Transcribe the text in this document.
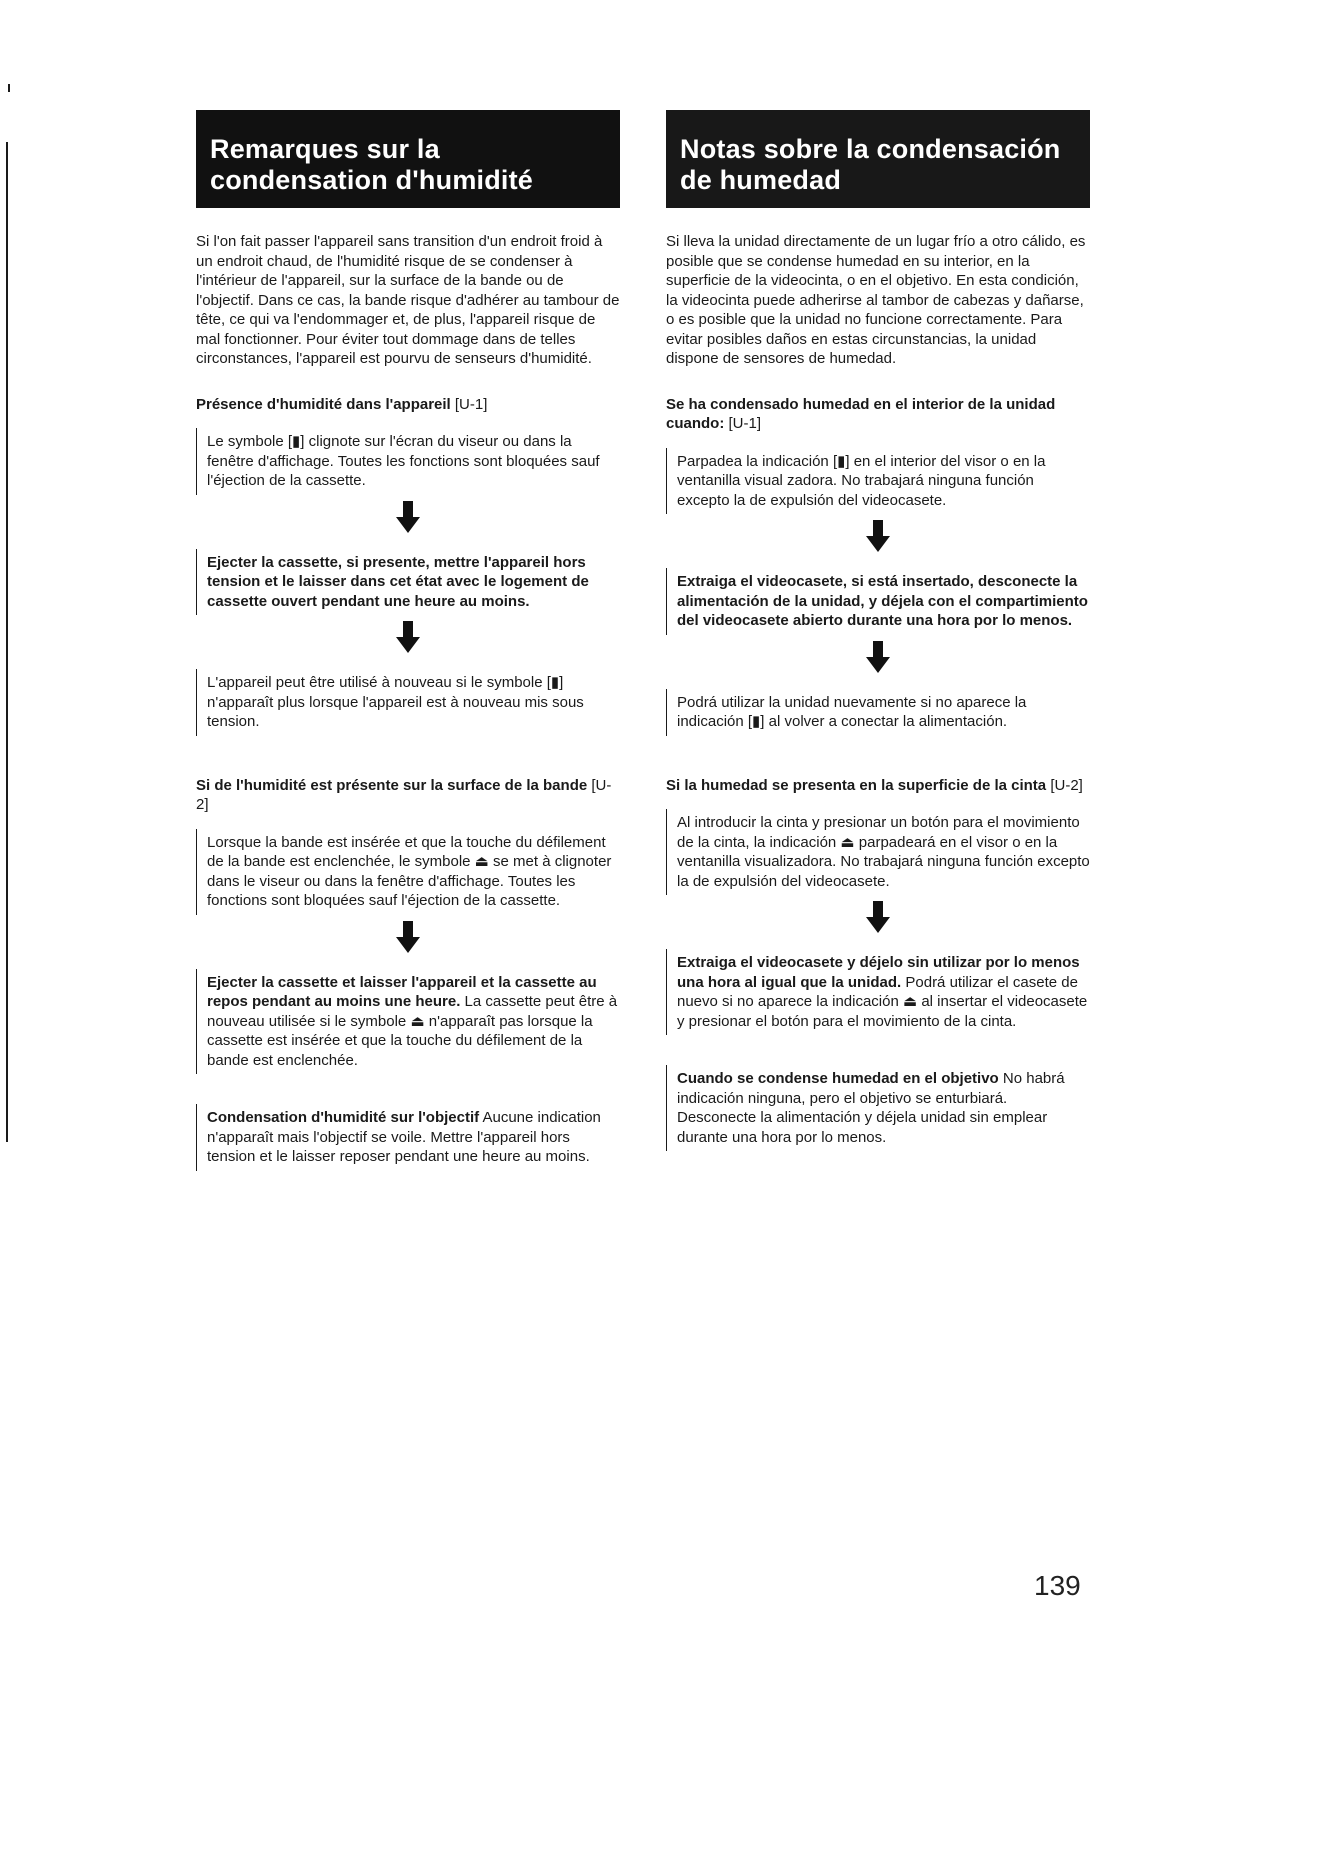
Remarques sur la condensation d'humidité
Si l'on fait passer l'appareil sans transition d'un endroit froid à un endroit chaud, de l'humidité risque de se condenser à l'intérieur de l'appareil, sur la surface de la bande ou de l'objectif. Dans ce cas, la bande risque d'adhérer au tambour de tête, ce qui va l'endommager et, de plus, l'appareil risque de mal fonctionner. Pour éviter tout dommage dans de telles circonstances, l'appareil est pourvu de senseurs d'humidité.
Présence d'humidité dans l'appareil [U-1]
Le symbole [▮] clignote sur l'écran du viseur ou dans la fenêtre d'affichage. Toutes les fonctions sont bloquées sauf l'éjection de la cassette.
Ejecter la cassette, si presente, mettre l'appareil hors tension et le laisser dans cet état avec le logement de cassette ouvert pendant une heure au moins.
L'appareil peut être utilisé à nouveau si le symbole [▮] n'apparaît plus lorsque l'appareil est à nouveau mis sous tension.
Si de l'humidité est présente sur la surface de la bande [U-2]
Lorsque la bande est insérée et que la touche du défilement de la bande est enclenchée, le symbole ⏏ se met à clignoter dans le viseur ou dans la fenêtre d'affichage. Toutes les fonctions sont bloquées sauf l'éjection de la cassette.
Ejecter la cassette et laisser l'appareil et la cassette au repos pendant au moins une heure. La cassette peut être à nouveau utilisée si le symbole ⏏ n'apparaît pas lorsque la cassette est insérée et que la touche du défilement de la bande est enclenchée.
Condensation d'humidité sur l'objectif Aucune indication n'apparaît mais l'objectif se voile. Mettre l'appareil hors tension et le laisser reposer pendant une heure au moins.
Notas sobre la condensación de humedad
Si lleva la unidad directamente de un lugar frío a otro cálido, es posible que se condense humedad en su interior, en la superficie de la videocinta, o en el objetivo. En esta condición, la videocinta puede adherirse al tambor de cabezas y dañarse, o es posible que la unidad no funcione correctamente. Para evitar posibles daños en estas circunstancias, la unidad dispone de sensores de humedad.
Se ha condensado humedad en el interior de la unidad cuando: [U-1]
Parpadea la indicación [▮] en el interior del visor o en la ventanilla visual zadora. No trabajará ninguna función excepto la de expulsión del videocasete.
Extraiga el videocasete, si está insertado, desconecte la alimentación de la unidad, y déjela con el compartimiento del videocasete abierto durante una hora por lo menos.
Podrá utilizar la unidad nuevamente si no aparece la indicación [▮] al volver a conectar la alimentación.
Si la humedad se presenta en la superficie de la cinta [U-2]
Al introducir la cinta y presionar un botón para el movimiento de la cinta, la indicación ⏏ parpadeará en el visor o en la ventanilla visualizadora. No trabajará ninguna función excepto la de expulsión del videocasete.
Extraiga el videocasete y déjelo sin utilizar por lo menos una hora al igual que la unidad. Podrá utilizar el casete de nuevo si no aparece la indicación ⏏ al insertar el videocasete y presionar el botón para el movimiento de la cinta.
Cuando se condense humedad en el objetivo No habrá indicación ninguna, pero el objetivo se enturbiará. Desconecte la alimentación y déjela unidad sin emplear durante una hora por lo menos.
139
